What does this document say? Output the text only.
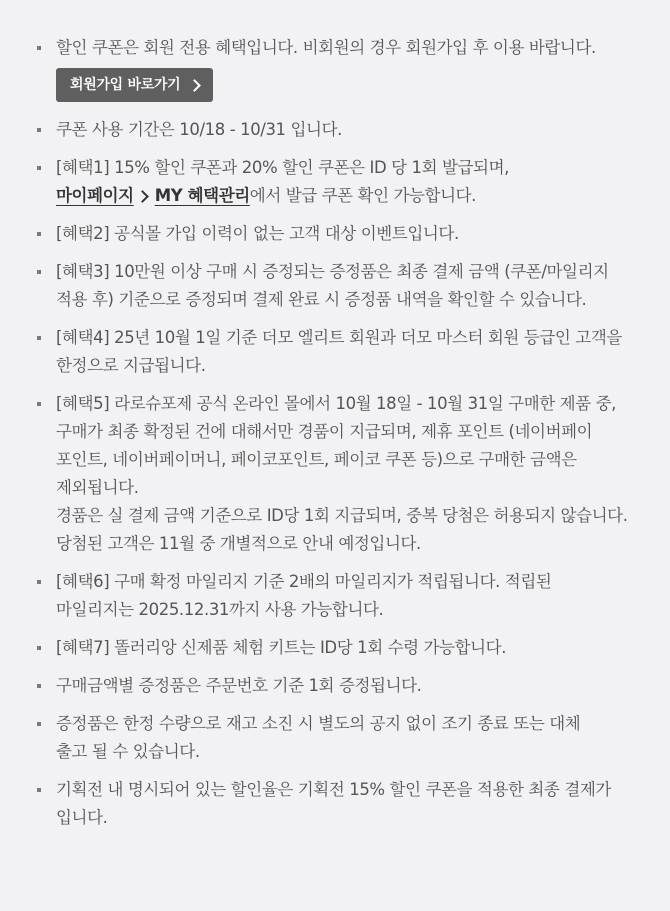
할인 쿠폰은 회원 전용 혜택입니다. 비회원의 경우 회원가입 후 이용 바랍니다.
회원가입 바로가기
쿠폰 사용 기간은 10/18 - 10/31 입니다.
[혜택1] 15% 할인 쿠폰과 20% 할인 쿠폰은 ID 당 1회 발급되며,
마이페이지 MY 혜택관리에서 발급 쿠폰 확인 가능합니다.
[혜택2] 공식몰 가입 이력이 없는 고객 대상 이벤트입니다.
[혜택3] 10만원 이상 구매 시 증정되는 증정품은 최종 결제 금액 (쿠폰/마일리지
적용 후) 기준으로 증정되며 결제 완료 시 증정품 내역을 확인할 수 있습니다.
[혜택4] 25년 10월 1일 기준 더모 엘리트 회원과 더모 마스터 회원 등급인 고객을
한정으로 지급됩니다.
[혜택5] 라로슈포제 공식 온라인 몰에서 10월 18일 - 10월 31일 구매한 제품 중,
구매가 최종 확정된 건에 대해서만 경품이 지급되며, 제휴 포인트 (네이버페이
포인트, 네이버페이머니, 페이코포인트, 페이코 쿠폰 등)으로 구매한 금액은
제외됩니다.
경품은 실 결제 금액 기준으로 ID당 1회 지급되며, 중복 당첨은 허용되지 않습니다.
당첨된 고객은 11월 중 개별적으로 안내 예정입니다.
[혜택6] 구매 확정 마일리지 기준 2배의 마일리지가 적립됩니다. 적립된
마일리지는 2025.12.31까지 사용 가능합니다.
[혜택7] 똘러리앙 신제품 체험 키트는 ID당 1회 수령 가능합니다.
구매금액별 증정품은 주문번호 기준 1회 증정됩니다.
증정품은 한정 수량으로 재고 소진 시 별도의 공지 없이 조기 종료 또는 대체
출고 될 수 있습니다.
기획전 내 명시되어 있는 할인율은 기획전 15% 할인 쿠폰을 적용한 최종 결제가
입니다.
